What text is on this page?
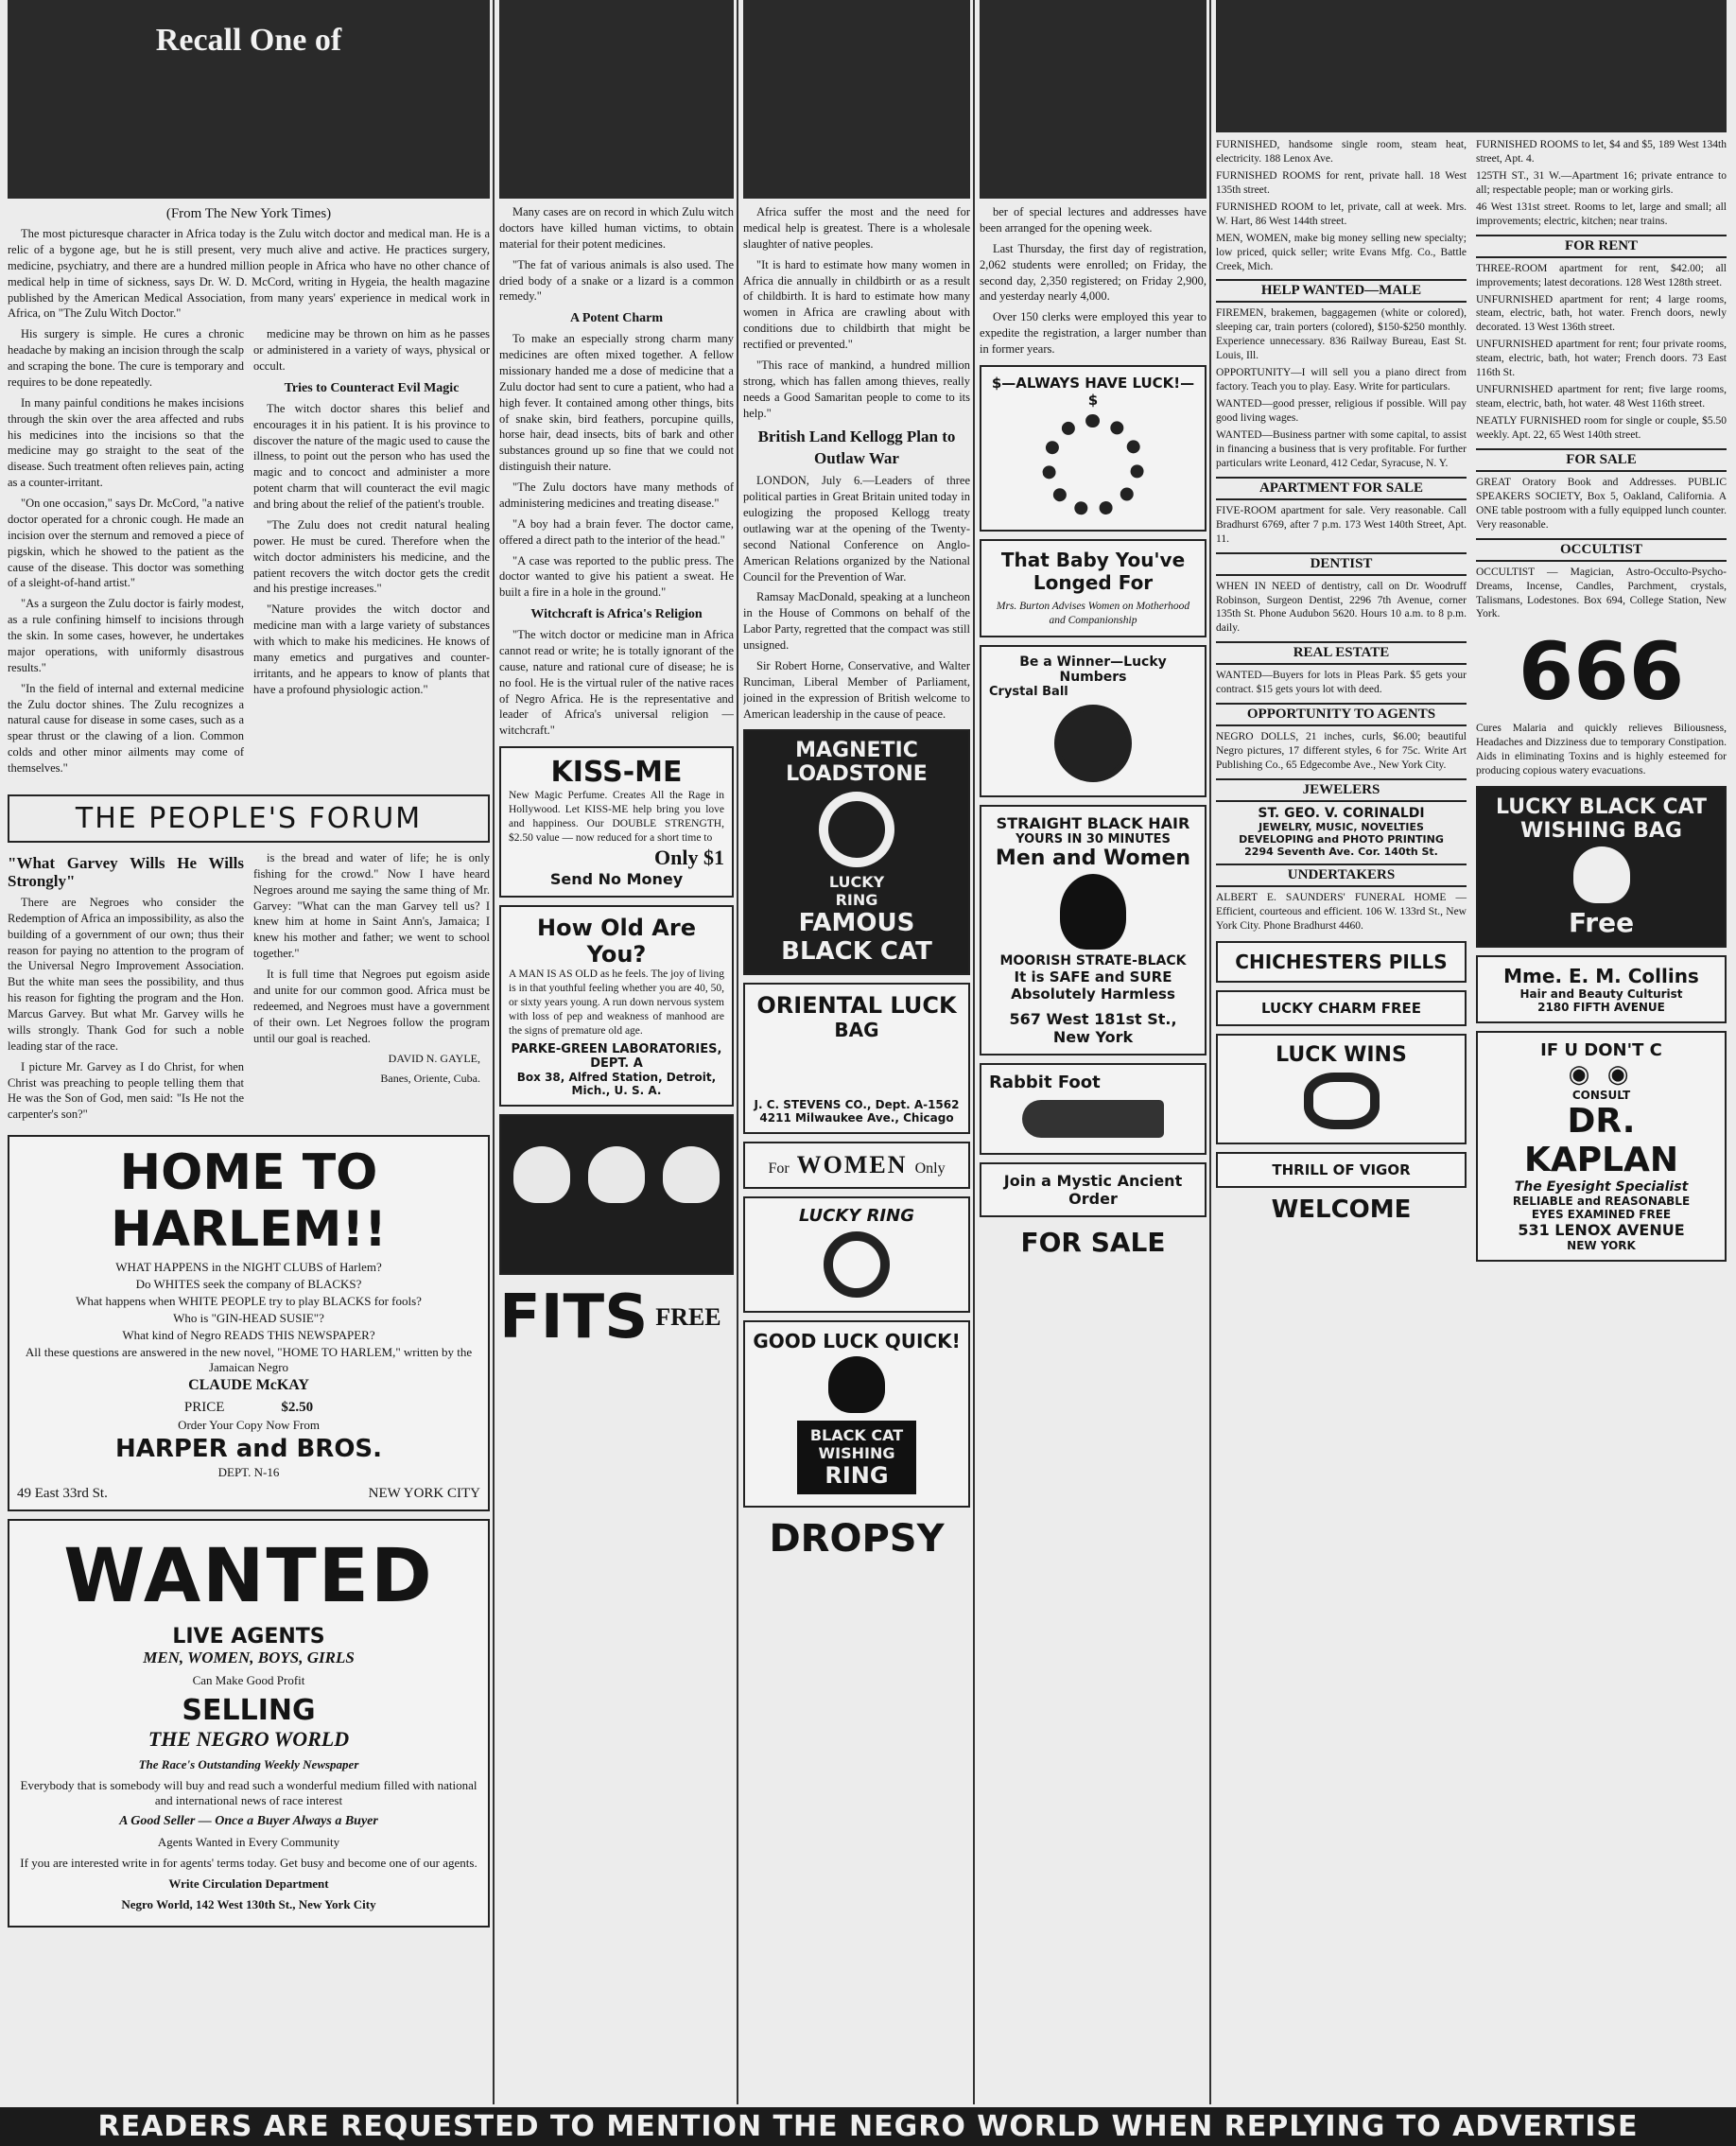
Recall One of
(From The New York Times)

The most picturesque character in Africa today is the Zulu witch doctor and medical man. He is a relic of a bygone age, but he is still present, very much alive and active. He practices surgery, medicine, psychiatry, and there are a hundred million people in Africa who have no other chance of medical help in time of sickness, says Dr. W. D. McCord, writing in Hygeia, the health magazine published by the American Medical Association, from many years' experience in medical work in Africa, on "The Zulu Witch Doctor."

His surgery is simple. He cures a chronic headache by making an incision through the scalp and scraping the bone. The cure is temporary and requires to be done repeatedly.

In many painful conditions he makes incisions through the skin over the area affected and rubs his medicines into the incisions so that the medicine may go straight to the seat of the disease. Such treatment often relieves pain, acting as a counter-irritant.

"On one occasion," says Dr. McCord, "a native doctor operated for a chronic cough. He made an incision over the sternum and removed a piece of pigskin, which he showed to the patient as the cause of the disease. This doctor was something of a sleight-of-hand artist."

"As a surgeon the Zulu doctor is fairly modest, as a rule confining himself to incisions through the skin. In some cases, however, he undertakes major operations, with uniformly disastrous results."

"In the field of internal and external medicine the Zulu doctor shines. The Zulu recognizes a natural cause for disease in some cases, such as a spear thrust or the clawing of a lion. Common colds and other minor ailments may come of themselves."

medicine may be thrown on him as he passes or administered in a variety of ways, physical or occult.

Tries to Counteract Evil Magic

The witch doctor shares this belief and encourages it in his patient. It is his province to discover the nature of the magic used to cause the illness, to point out the person who has used the magic and to concoct and administer a more potent charm that will counteract the evil magic and bring about the relief of the patient's trouble.

"The Zulu does not credit natural healing power. He must be cured. Therefore when the witch doctor administers his medicine, and the patient recovers the witch doctor gets the credit and his prestige increases."

"Nature provides the witch doctor and medicine man with a large variety of substances with which to make his medicines. He knows of many emetics and purgatives and counter-irritants, and he appears to know of plants that have a profound physiologic action."

THE PEOPLE'S FORUM
"What Garvey Wills He Wills Strongly"

There are Negroes who consider the Redemption of Africa an impossibility, as also the building of a government of our own; thus their reason for paying no attention to the program of the Universal Negro Improvement Association. But the white man sees the possibility, and thus his reason for fighting the program and the Hon. Marcus Garvey. But what Mr. Garvey wills he wills strongly. Thank God for such a noble leading star of the race.

I picture Mr. Garvey as I do Christ, for when Christ was preaching to people telling them that He was the Son of God, men said: "Is He not the carpenter's son?"

is the bread and water of life; he is only fishing for the crowd." Now I have heard Negroes around me saying the same thing of Mr. Garvey: "What can the man Garvey tell us? I knew him at home in Saint Ann's, Jamaica; I knew his mother and father; we went to school together."

It is full time that Negroes put egoism aside and unite for our common good. Africa must be redeemed, and Negroes must have a government of their own. Let Negroes follow the program until our goal is reached.

DAVID N. GAYLE,
Banes, Oriente, Cuba.
HOME TO HARLEM!!
WHAT HAPPENS in the NIGHT CLUBS of Harlem?
Do WHITES seek the company of BLACKS?
What happens when WHITE PEOPLE try to play BLACKS for fools?
Who is "GIN-HEAD SUSIE"?
What kind of Negro READS THIS NEWSPAPER?
All these questions are answered in the new novel, "HOME TO HARLEM," written by the Jamaican Negro
CLAUDE McKAY
PRICE	$2.50
Order Your Copy Now From
HARPER and BROS.
DEPT. N-16
49 East 33rd St.	NEW YORK CITY
WANTED
LIVE AGENTS
MEN, WOMEN, BOYS, GIRLS
Can Make Good Profit
SELLING
THE NEGRO WORLD
The Race's Outstanding Weekly Newspaper
Everybody that is somebody will buy and read such a wonderful medium filled with national and international news of race interest
A Good Seller — Once a Buyer Always a Buyer
Agents Wanted in Every Community
If you are interested write in for agents' terms today. Get busy and become one of our agents.
Write Circulation Department
Negro World, 142 West 130th St., New York City

Many cases are on record in which Zulu witch doctors have killed human victims, to obtain material for their potent medicines.

"The fat of various animals is also used. The dried body of a snake or a lizard is a common remedy."

A Potent Charm

To make an especially strong charm many medicines are often mixed together. A fellow missionary handed me a dose of medicine that a Zulu doctor had sent to cure a patient, who had a high fever. It contained among other things, bits of snake skin, bird feathers, porcupine quills, horse hair, dead insects, bits of bark and other substances ground up so fine that we could not distinguish their nature.

"The Zulu doctors have many methods of administering medicines and treating disease."

"A boy had a brain fever. The doctor came, offered a direct path to the interior of the head."

"A case was reported to the public press. The doctor wanted to give his patient a sweat. He built a fire in a hole in the ground."

Witchcraft is Africa's Religion

"The witch doctor or medicine man in Africa cannot read or write; he is totally ignorant of the cause, nature and rational cure of disease; he is no fool. He is the virtual ruler of the native races of Negro Africa. He is the representative and leader of Africa's universal religion — witchcraft."

KISS-ME
New Magic Perfume. Creates All the Rage in Hollywood. Let KISS-ME help bring you love and happiness. Our DOUBLE STRENGTH, $2.50 value — now reduced for a short time to
Only $1
Send No Money
How Old Are You?
A MAN IS AS OLD as he feels. The joy of living is in that youthful feeling whether you are 40, 50, or sixty years young. A run down nervous system with loss of pep and weakness of manhood are the signs of premature old age.
PARKE-GREEN LABORATORIES, DEPT. A
Box 38, Alfred Station, Detroit, Mich., U. S. A.
FITS FREE

Africa suffer the most and the need for medical help is greatest. There is a wholesale slaughter of native peoples.

"It is hard to estimate how many women in Africa die annually in childbirth or as a result of childbirth. It is hard to estimate how many women in Africa are crawling about with conditions due to childbirth that might be rectified or prevented."

"This race of mankind, a hundred million strong, which has fallen among thieves, really needs a Good Samaritan people to come to its help."

British Land Kellogg Plan to Outlaw War

LONDON, July 6.—Leaders of three political parties in Great Britain united today in eulogizing the proposed Kellogg treaty outlawing war at the opening of the Twenty-second National Conference on Anglo-American Relations organized by the National Council for the Prevention of War.

Ramsay MacDonald, speaking at a luncheon in the House of Commons on behalf of the Labor Party, regretted that the compact was still unsigned.

Sir Robert Horne, Conservative, and Walter Runciman, Liberal Member of Parliament, joined in the expression of British welcome to American leadership in the cause of peace.

MAGNETIC
LOADSTONE
LUCKY
RING
FAMOUS
BLACK CAT
ORIENTAL LUCK
BAG
J. C. STEVENS CO., Dept. A-1562
4211 Milwaukee Ave., Chicago
For WOMEN Only
LUCKY RING
GOOD LUCK QUICK!
BLACK CAT
WISHING
RING
DROPSY

ber of special lectures and addresses have been arranged for the opening week.

Last Thursday, the first day of registration, 2,062 students were enrolled; on Friday, the second day, 2,350 registered; on Friday 2,900, and yesterday nearly 4,000.

Over 150 clerks were employed this year to expedite the registration, a larger number than in former years.

$—ALWAYS HAVE LUCK!—$
That Baby You've Longed For
Mrs. Burton Advises Women on Motherhood and Companionship
Be a Winner—Lucky Numbers
Crystal Ball
STRAIGHT BLACK HAIR
YOURS IN 30 MINUTES
Men and Women
MOORISH STRATE-BLACK
It is SAFE and SURE
Absolutely Harmless
567 West 181st St., New York
Rabbit Foot
Join a Mystic Ancient Order
FOR SALE
FURNISHED, handsome single room, steam heat, electricity. 188 Lenox Ave.
FURNISHED ROOMS for rent, private hall. 18 West 135th street.
FURNISHED ROOM to let, private, call at week. Mrs. W. Hart, 86 West 144th street.
MEN, WOMEN, make big money selling new specialty; low priced, quick seller; write Evans Mfg. Co., Battle Creek, Mich.
HELP WANTED—MALE
FIREMEN, brakemen, baggagemen (white or colored), sleeping car, train porters (colored), $150-$250 monthly. Experience unnecessary. 836 Railway Bureau, East St. Louis, Ill.
OPPORTUNITY—I will sell you a piano direct from factory. Teach you to play. Easy. Write for particulars.
WANTED—good presser, religious if possible. Will pay good living wages.
WANTED—Business partner with some capital, to assist in financing a business that is very profitable. For further particulars write Leonard, 412 Cedar, Syracuse, N. Y.
APARTMENT FOR SALE
FIVE-ROOM apartment for sale. Very reasonable. Call Bradhurst 6769, after 7 p.m. 173 West 140th Street, Apt. 11.
DENTIST
WHEN IN NEED of dentistry, call on Dr. Woodruff Robinson, Surgeon Dentist, 2296 7th Avenue, corner 135th St. Phone Audubon 5620. Hours 10 a.m. to 8 p.m. daily.
REAL ESTATE
WANTED—Buyers for lots in Pleas Park. $5 gets your contract. $15 gets yours lot with deed.
OPPORTUNITY TO AGENTS
NEGRO DOLLS, 21 inches, curls, $6.00; beautiful Negro pictures, 17 different styles, 6 for 75c. Write Art Publishing Co., 65 Edgecombe Ave., New York City.
JEWELERS
ST. GEO. V. CORINALDI
JEWELRY, MUSIC, NOVELTIES
DEVELOPING and PHOTO PRINTING
2294 Seventh Ave. Cor. 140th St.
UNDERTAKERS
ALBERT E. SAUNDERS' FUNERAL HOME — Efficient, courteous and efficient. 106 W. 133rd St., New York City. Phone Bradhurst 4460.
CHICHESTERS PILLS
LUCKY CHARM FREE
LUCK WINS
THRILL OF VIGOR
WELCOME
FURNISHED ROOMS to let, $4 and $5, 189 West 134th street, Apt. 4.
125TH ST., 31 W.—Apartment 16; private entrance to all; respectable people; man or working girls.
46 West 131st street. Rooms to let, large and small; all improvements; electric, kitchen; near trains.
FOR RENT
THREE-ROOM apartment for rent, $42.00; all improvements; latest decorations. 128 West 128th street.
UNFURNISHED apartment for rent; 4 large rooms, steam, electric, bath, hot water. French doors, newly decorated. 13 West 136th street.
UNFURNISHED apartment for rent; four private rooms, steam, electric, bath, hot water; French doors. 73 East 116th St.
UNFURNISHED apartment for rent; five large rooms, steam, electric, bath, hot water. 48 West 116th street.
NEATLY FURNISHED room for single or couple, $5.50 weekly. Apt. 22, 65 West 140th street.
FOR SALE
GREAT Oratory Book and Addresses. PUBLIC SPEAKERS SOCIETY, Box 5, Oakland, California. A ONE table postroom with a fully equipped lunch counter. Very reasonable.
OCCULTIST
OCCULTIST — Magician, Astro-Occulto-Psycho-Dreams, Incense, Candles, Parchment, crystals, Talismans, Lodestones. Box 694, College Station, New York.
666
Cures Malaria and quickly relieves Biliousness, Headaches and Dizziness due to temporary Constipation. Aids in eliminating Toxins and is highly esteemed for producing copious watery evacuations.
LUCKY BLACK CAT
WISHING BAG
Free
Mme. E. M. Collins
Hair and Beauty Culturist
2180 FIFTH AVENUE
IF U DON'T C
◉ ◉
CONSULT
DR. KAPLAN
The Eyesight Specialist
RELIABLE and REASONABLE
EYES EXAMINED FREE
531 LENOX AVENUE
NEW YORK
READERS ARE REQUESTED TO MENTION THE NEGRO WORLD WHEN REPLYING TO ADVERTISE
